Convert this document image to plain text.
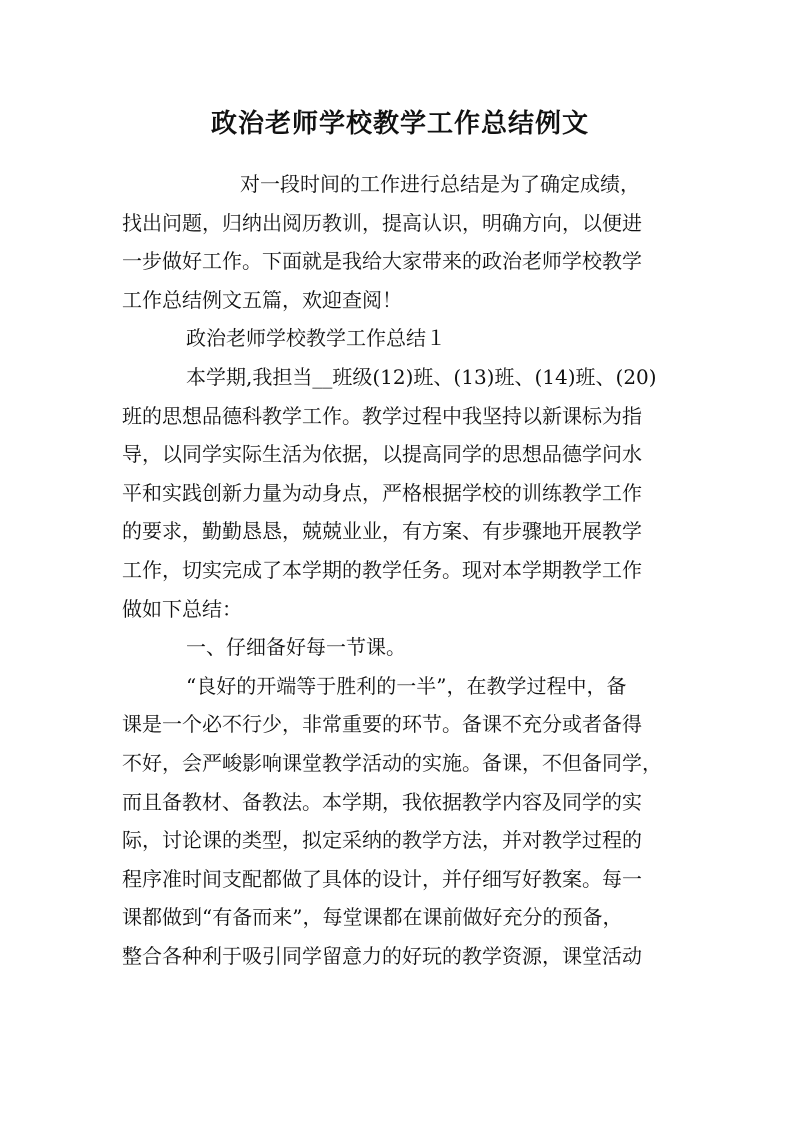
政治老师学校教学工作总结例文
对一段时间的工作进行总结是为了确定成绩，
找出问题，归纳出阅历教训，提高认识，明确方向，以便进
一步做好工作。下面就是我给大家带来的政治老师学校教学
工作总结例文五篇，欢迎查阅！
政治老师学校教学工作总结１
本学期,我担当__班级(12)班、(13)班、(14)班、(20)
班的思想品德科教学工作。教学过程中我坚持以新课标为指
导，以同学实际生活为依据，以提高同学的思想品德学问水
平和实践创新力量为动身点，严格根据学校的训练教学工作
的要求，勤勤恳恳，兢兢业业，有方案、有步骤地开展教学
工作，切实完成了本学期的教学任务。现对本学期教学工作
做如下总结：
一、仔细备好每一节课。
“良好的开端等于胜利的一半”，在教学过程中，备
课是一个必不行少，非常重要的环节。备课不充分或者备得
不好，会严峻影响课堂教学活动的实施。备课，不但备同学，
而且备教材、备教法。本学期，我依据教学内容及同学的实
际，讨论课的类型，拟定采纳的教学方法，并对教学过程的
程序准时间支配都做了具体的设计，并仔细写好教案。每一
课都做到“有备而来”，每堂课都在课前做好充分的预备，
整合各种利于吸引同学留意力的好玩的教学资源，课堂活动
